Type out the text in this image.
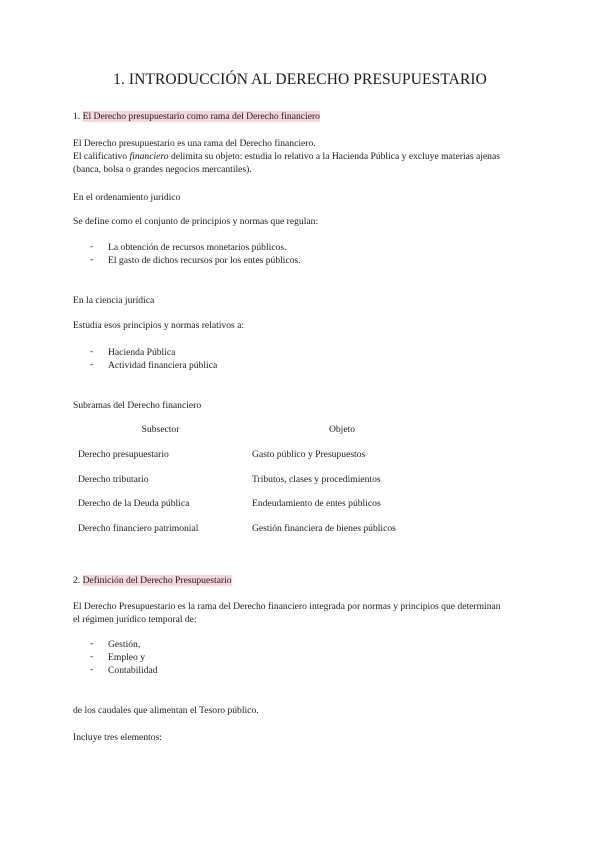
1. INTRODUCCIÓN AL DERECHO PRESUPUESTARIO
1. El Derecho presupuestario como rama del Derecho financiero
El Derecho presupuestario es una rama del Derecho financiero.
El calificativo financiero delimita su objeto: estudia lo relativo a la Hacienda Pública y excluye materias ajenas
(banca, bolsa o grandes negocios mercantiles).
En el ordenamiento jurídico
Se define como el conjunto de principios y normas que regulan:
- La obtención de recursos monetarios públicos.
- El gasto de dichos recursos por los entes públicos.
En la ciencia jurídica
Estudia esos principios y normas relativos a:
- Hacienda Pública
- Actividad financiera pública
Subramas del Derecho financiero
Subsector	Objeto
Derecho presupuestario	Gasto público y Presupuestos
Derecho tributario	Tributos, clases y procedimientos
Derecho de la Deuda pública	Endeudamiento de entes públicos
Derecho financiero patrimonial	Gestión financiera de bienes públicos
2. Definición del Derecho Presupuestario
El Derecho Presupuestario es la rama del Derecho financiero integrada por normas y principios que determinan
el régimen jurídico temporal de:
- Gestión,
- Empleo y
- Contabilidad
de los caudales que alimentan el Tesoro público.
Incluye tres elementos:
